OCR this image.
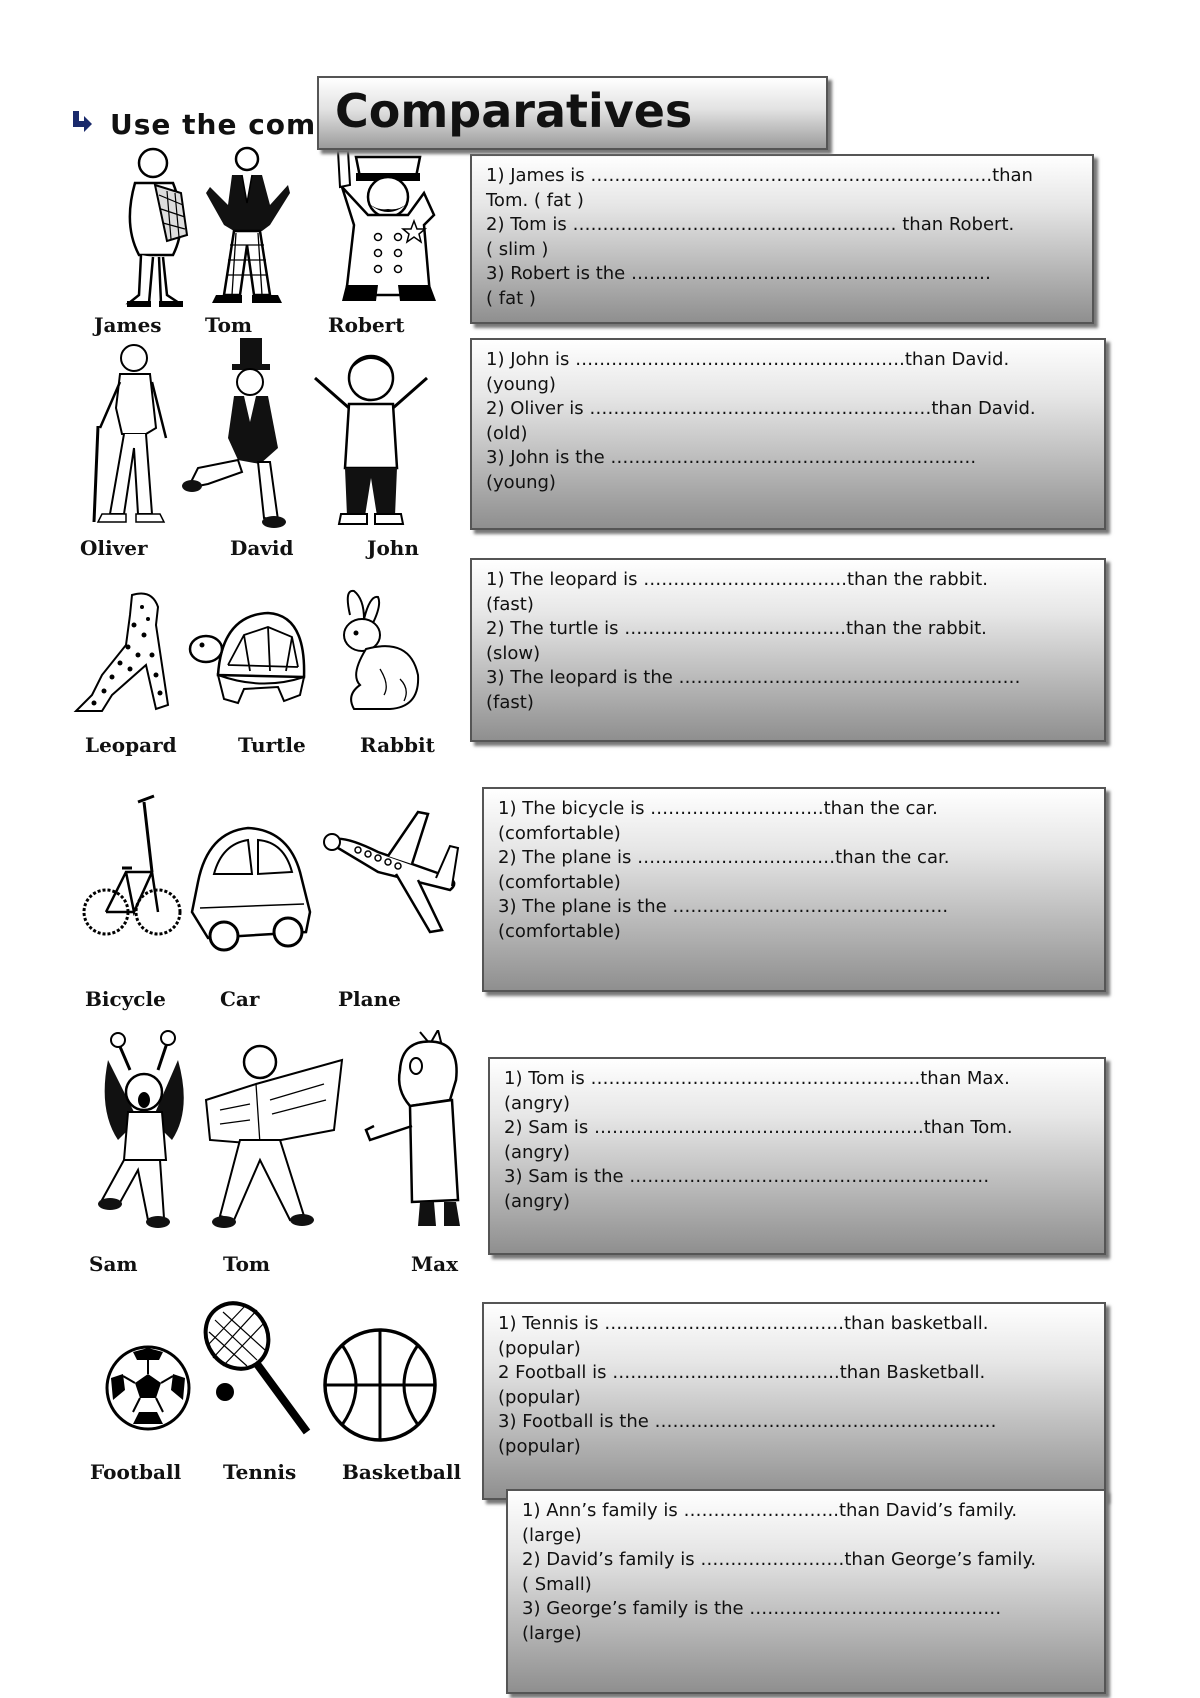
Use the com Comparatives
James Tom	Robert
1) James is ………………………………………………………….than
Tom. ( fat )
2) Tom is ……………………………………………… than Robert.
( slim )
3) Robert is the ……………………………………………………
( fat )
Oliver	David	John
1) John is ……………………………………………….than David.
(young)
2) Oliver is …………………………………………………than David.
(old)
3) John is the …………………………………………………….
(young)
Leopard	Turtle	Rabbit
1) The leopard is …………………………….than the rabbit.
(fast)
2) The turtle is ……………………………….than the rabbit.
(slow)
3) The leopard is the …………………………………………………
(fast)
Bicycle	Car	Plane
1) The bicycle is ………………………..than the car.
(comfortable)
2) The plane is ……………………………than the car.
(comfortable)
3) The plane is the ……………………………………….
(comfortable)
Sam	Tom	Max
1) Tom is ……………………………………………….than Max.
(angry)
2) Sam is ……………………………………………….than Tom.
(angry)
3) Sam is the ……………………………………………………
(angry)
Football Tennis Basketball
1) Tennis is ………………………………….than basketball.
(popular)
2 Football is ………………………………..than Basketball.
(popular)
3) Football is the …………………………………………………
(popular)
1) Ann’s family is ……………………..than David’s family.
(large)
2) David’s family is ……………………than George’s family.
( Small)
3) George’s family is the ……………………………………
(large)
